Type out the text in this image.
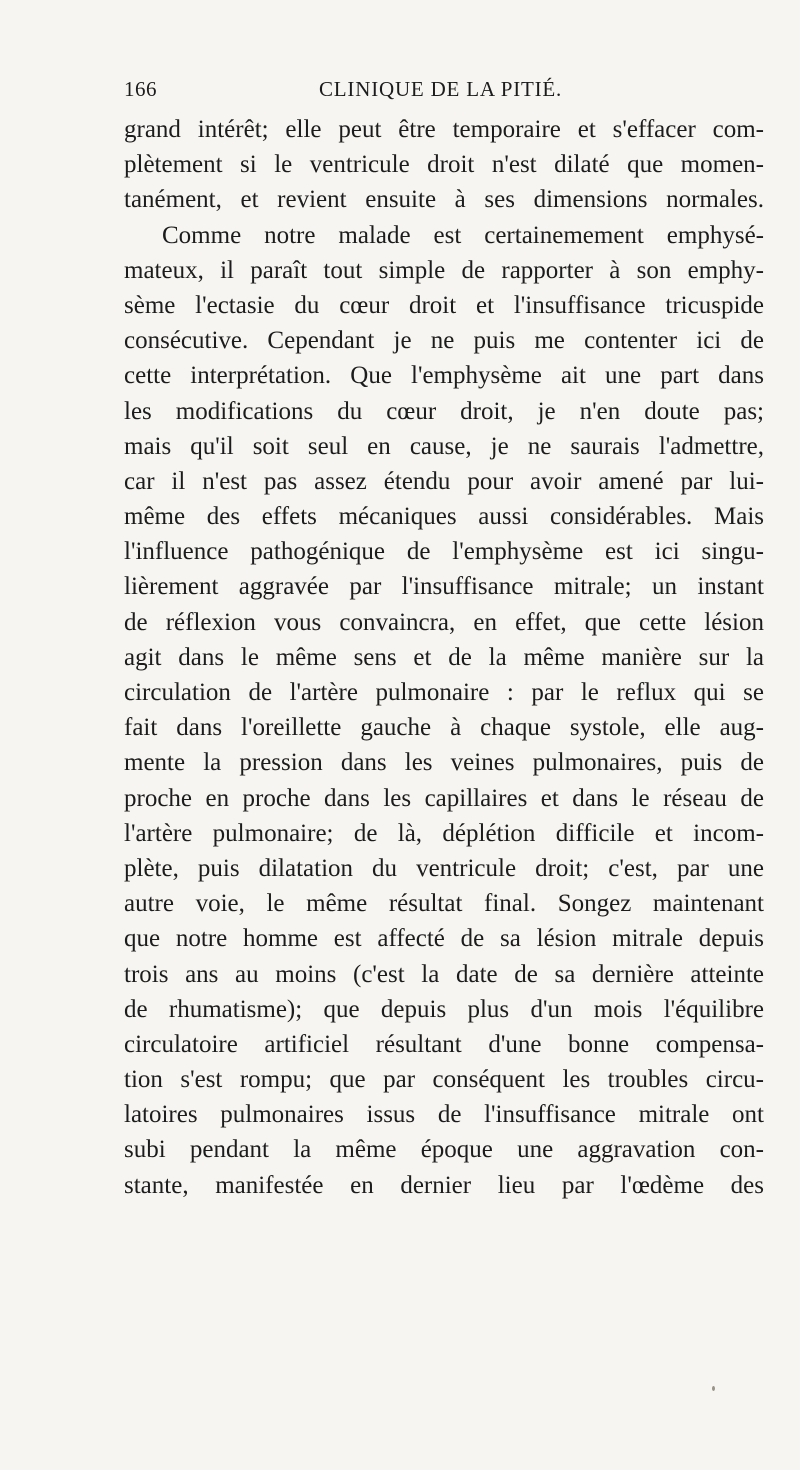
166	CLINIQUE DE LA PITIÉ.
grand intérêt; elle peut être temporaire et s'effacer com-
plètement si le ventricule droit n'est dilaté que momen-
tanément, et revient ensuite à ses dimensions normales.
Comme notre malade est certainemement emphysé-
mateux, il paraît tout simple de rapporter à son emphy-
sème l'ectasie du cœur droit et l'insuffisance tricuspide
consécutive. Cependant je ne puis me contenter ici de
cette interprétation. Que l'emphysème ait une part dans
les modifications du cœur droit, je n'en doute pas;
mais qu'il soit seul en cause, je ne saurais l'admettre,
car il n'est pas assez étendu pour avoir amené par lui-
même des effets mécaniques aussi considérables. Mais
l'influence pathogénique de l'emphysème est ici singu-
lièrement aggravée par l'insuffisance mitrale; un instant
de réflexion vous convaincra, en effet, que cette lésion
agit dans le même sens et de la même manière sur la
circulation de l'artère pulmonaire : par le reflux qui se
fait dans l'oreillette gauche à chaque systole, elle aug-
mente la pression dans les veines pulmonaires, puis de
proche en proche dans les capillaires et dans le réseau de
l'artère pulmonaire; de là, déplétion difficile et incom-
plète, puis dilatation du ventricule droit; c'est, par une
autre voie, le même résultat final. Songez maintenant
que notre homme est affecté de sa lésion mitrale depuis
trois ans au moins (c'est la date de sa dernière atteinte
de rhumatisme); que depuis plus d'un mois l'équilibre
circulatoire artificiel résultant d'une bonne compensa-
tion s'est rompu; que par conséquent les troubles circu-
latoires pulmonaires issus de l'insuffisance mitrale ont
subi pendant la même époque une aggravation con-
stante, manifestée en dernier lieu par l'œdème des
